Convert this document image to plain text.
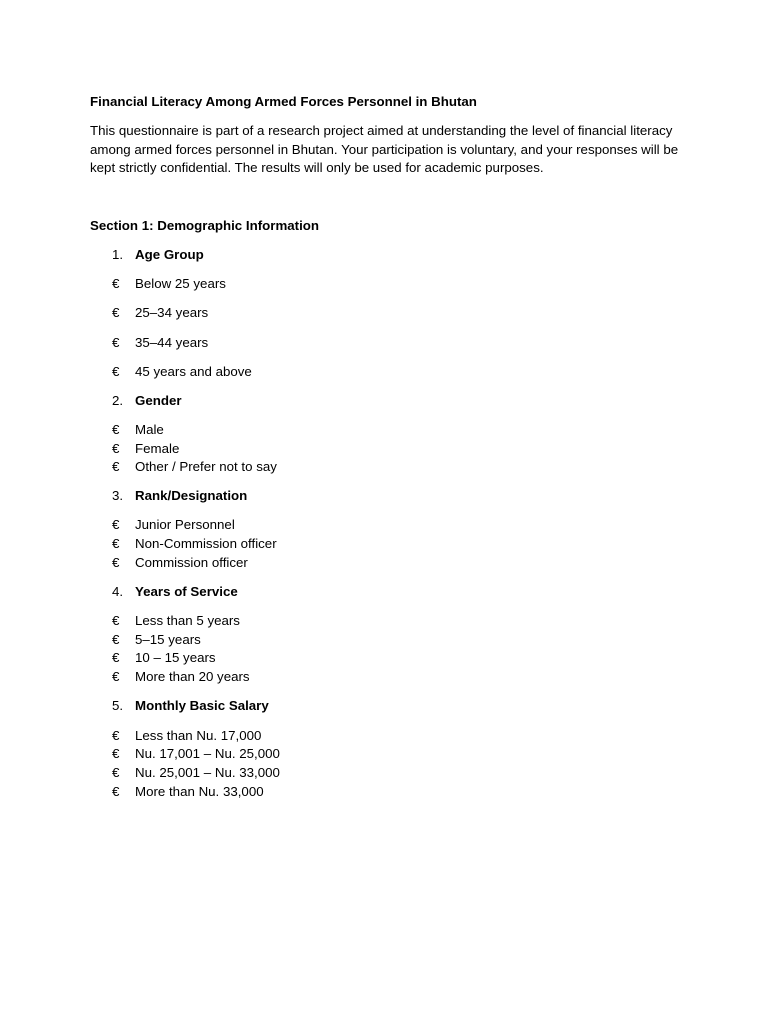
Financial Literacy Among Armed Forces Personnel in Bhutan

This questionnaire is part of a research project aimed at understanding the level of financial literacy among armed forces personnel in Bhutan. Your participation is voluntary, and your responses will be kept strictly confidential. The results will only be used for academic purposes.

Section 1: Demographic Information

1. Age Group
€ Below 25 years
€ 25–34 years
€ 35–44 years
€ 45 years and above
2. Gender
€ Male
€ Female
€ Other / Prefer not to say
3. Rank/Designation
€ Junior Personnel
€ Non-Commission officer
€ Commission officer
4. Years of Service
€ Less than 5 years
€ 5–15 years
€ 10 – 15 years
€ More than 20 years
5. Monthly Basic Salary
€ Less than Nu. 17,000
€ Nu. 17,001 – Nu. 25,000
€ Nu. 25,001 – Nu. 33,000
€ More than Nu. 33,000
